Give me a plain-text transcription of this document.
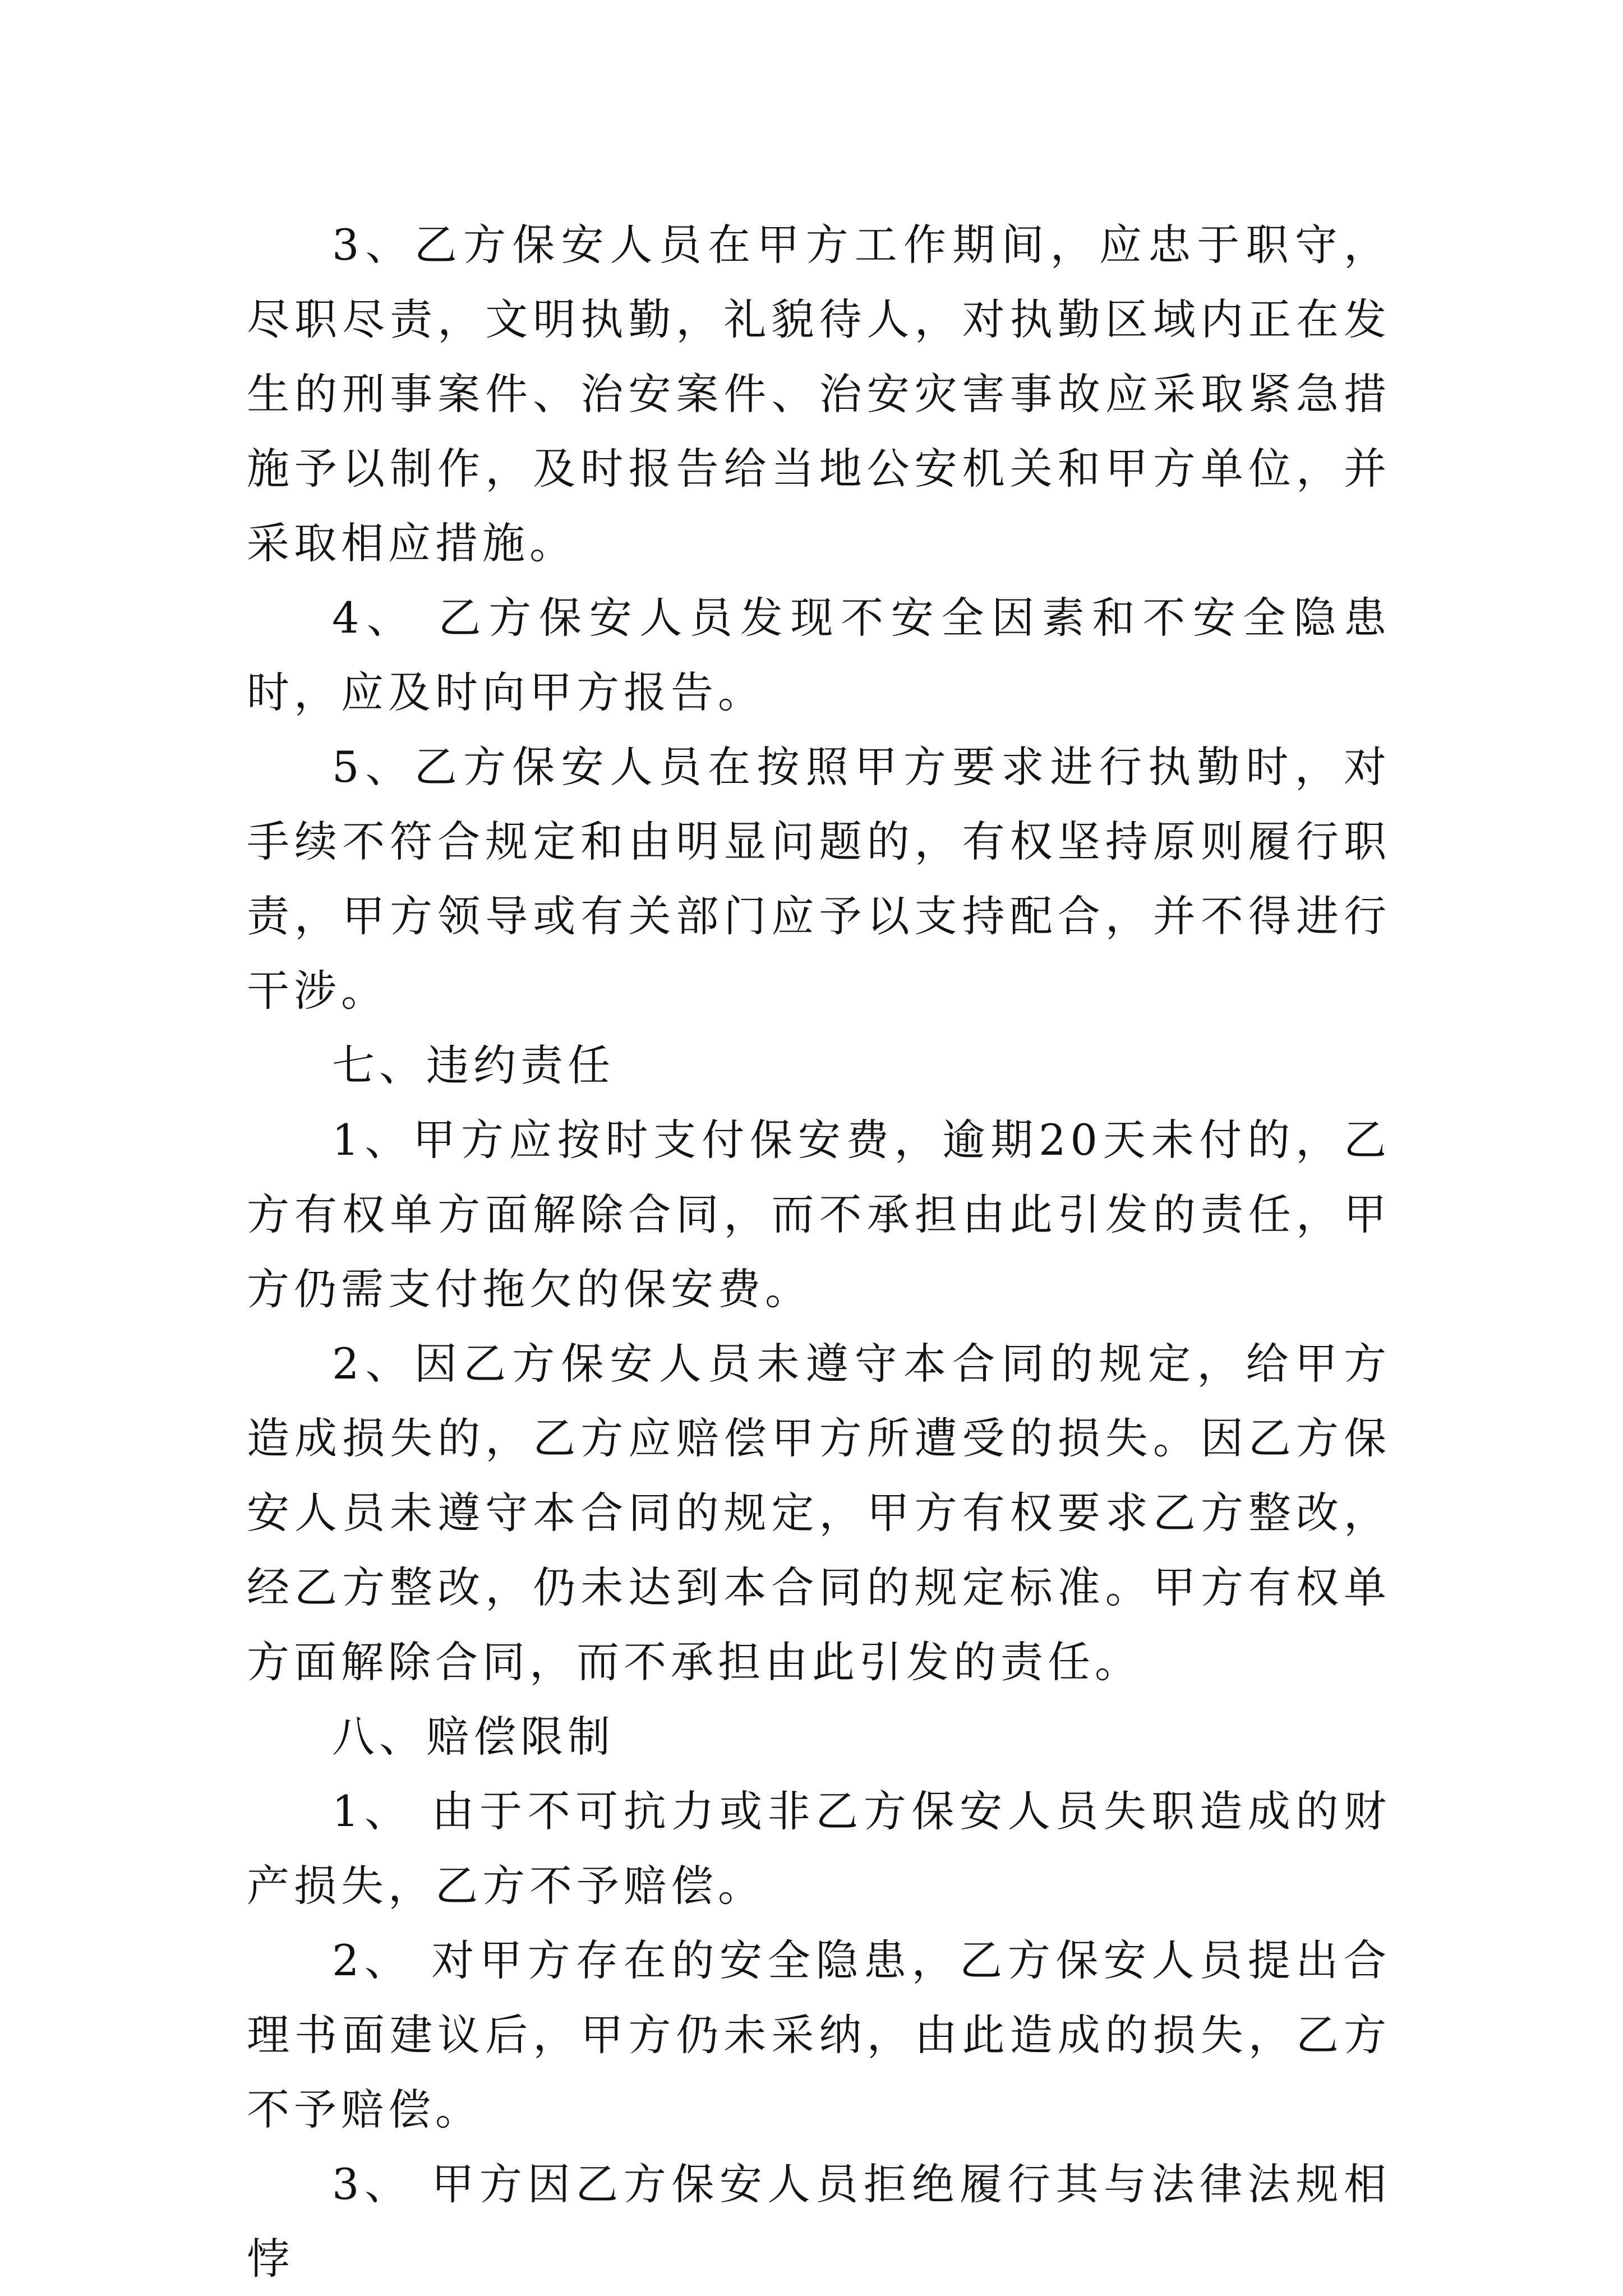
3、乙方保安人员在甲方工作期间，应忠于职守，尽职尽责，文明执勤，礼貌待人，对执勤区域内正在发生的刑事案件、治安案件、治安灾害事故应采取紧急措施予以制作，及时报告给当地公安机关和甲方单位，并采取相应措施。

4、 乙方保安人员发现不安全因素和不安全隐患时，应及时向甲方报告。

5、乙方保安人员在按照甲方要求进行执勤时，对手续不符合规定和由明显问题的，有权坚持原则履行职责，甲方领导或有关部门应予以支持配合，并不得进行干涉。

七、违约责任

1、甲方应按时支付保安费，逾期20天未付的，乙方有权单方面解除合同，而不承担由此引发的责任，甲方仍需支付拖欠的保安费。

2、因乙方保安人员未遵守本合同的规定，给甲方造成损失的，乙方应赔偿甲方所遭受的损失。因乙方保安人员未遵守本合同的规定，甲方有权要求乙方整改，经乙方整改，仍未达到本合同的规定标准。甲方有权单方面解除合同，而不承担由此引发的责任。

八、赔偿限制

1、 由于不可抗力或非乙方保安人员失职造成的财产损失，乙方不予赔偿。

2、 对甲方存在的安全隐患，乙方保安人员提出合理书面建议后，甲方仍未采纳，由此造成的损失，乙方不予赔偿。

3、 甲方因乙方保安人员拒绝履行其与法律法规相悖
